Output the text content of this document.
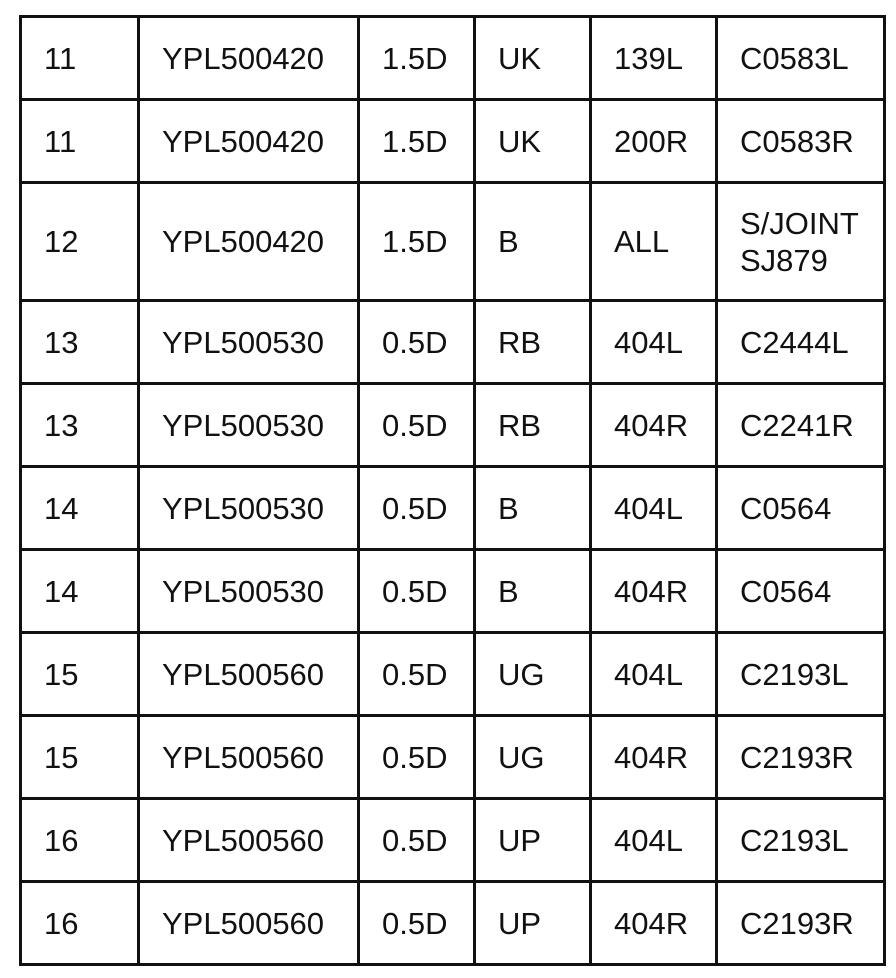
11	YPL500420	1.5D	UK	139L	C0583L
11	YPL500420	1.5D	UK	200R	C0583R
12	YPL500420	1.5D	B	ALL	S/JOINT
SJ879
13	YPL500530	0.5D	RB	404L	C2444L
13	YPL500530	0.5D	RB	404R	C2241R
14	YPL500530	0.5D	B	404L	C0564
14	YPL500530	0.5D	B	404R	C0564
15	YPL500560	0.5D	UG	404L	C2193L
15	YPL500560	0.5D	UG	404R	C2193R
16	YPL500560	0.5D	UP	404L	C2193L
16	YPL500560	0.5D	UP	404R	C2193R
